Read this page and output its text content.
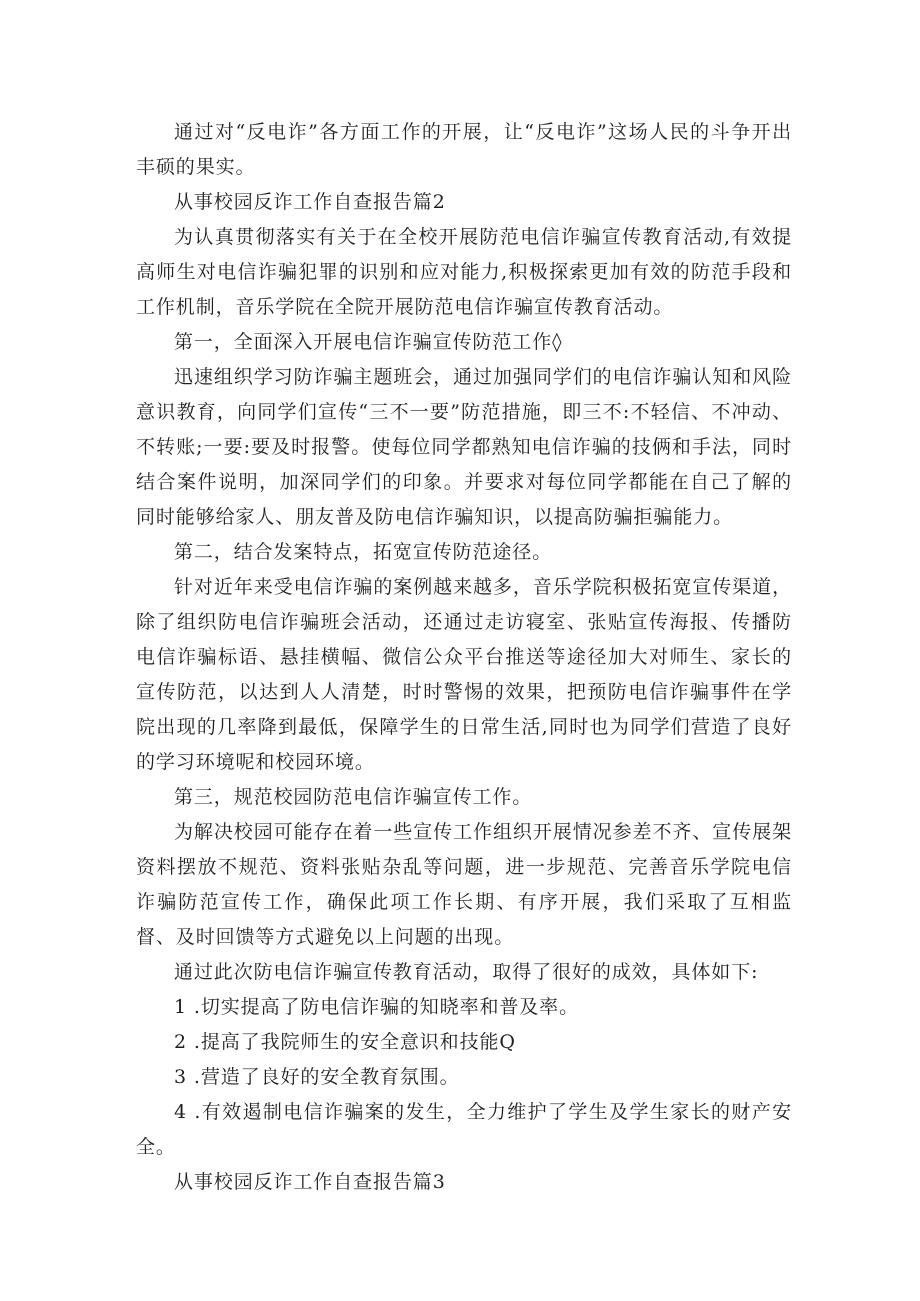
通过对“反电诈”各方面工作的开展，让“反电诈”这场人民的斗争开出丰硕的果实。

从事校园反诈工作自查报告篇2

为认真贯彻落实有关于在全校开展防范电信诈骗宣传教育活动,有效提高师生对电信诈骗犯罪的识别和应对能力,积极探索更加有效的防范手段和工作机制，音乐学院在全院开展防范电信诈骗宣传教育活动。

第一，全面深入开展电信诈骗宣传防范工作◊

迅速组织学习防诈骗主题班会，通过加强同学们的电信诈骗认知和风险意识教育，向同学们宣传“三不一要”防范措施，即三不:不轻信、不冲动、不转账;一要:要及时报警。使每位同学都熟知电信诈骗的技俩和手法，同时结合案件说明，加深同学们的印象。并要求对每位同学都能在自己了解的同时能够给家人、朋友普及防电信诈骗知识，以提高防骗拒骗能力。

第二，结合发案特点，拓宽宣传防范途径。

针对近年来受电信诈骗的案例越来越多，音乐学院积极拓宽宣传渠道，除了组织防电信诈骗班会活动，还通过走访寝室、张贴宣传海报、传播防电信诈骗标语、悬挂横幅、微信公众平台推送等途径加大对师生、家长的宣传防范，以达到人人清楚，时时警惕的效果，把预防电信诈骗事件在学院出现的几率降到最低，保障学生的日常生活,同时也为同学们营造了良好的学习环境呢和校园环境。

第三，规范校园防范电信诈骗宣传工作。

为解决校园可能存在着一些宣传工作组织开展情况参差不齐、宣传展架资料摆放不规范、资料张贴杂乱等问题，进一步规范、完善音乐学院电信诈骗防范宣传工作，确保此项工作长期、有序开展，我们采取了互相监督、及时回馈等方式避免以上问题的出现。

通过此次防电信诈骗宣传教育活动，取得了很好的成效，具体如下:

1 .切实提高了防电信诈骗的知晓率和普及率。

2 .提高了我院师生的安全意识和技能Q

3 .营造了良好的安全教育氛围。

4 .有效遏制电信诈骗案的发生，全力维护了学生及学生家长的财产安全。

从事校园反诈工作自查报告篇3
